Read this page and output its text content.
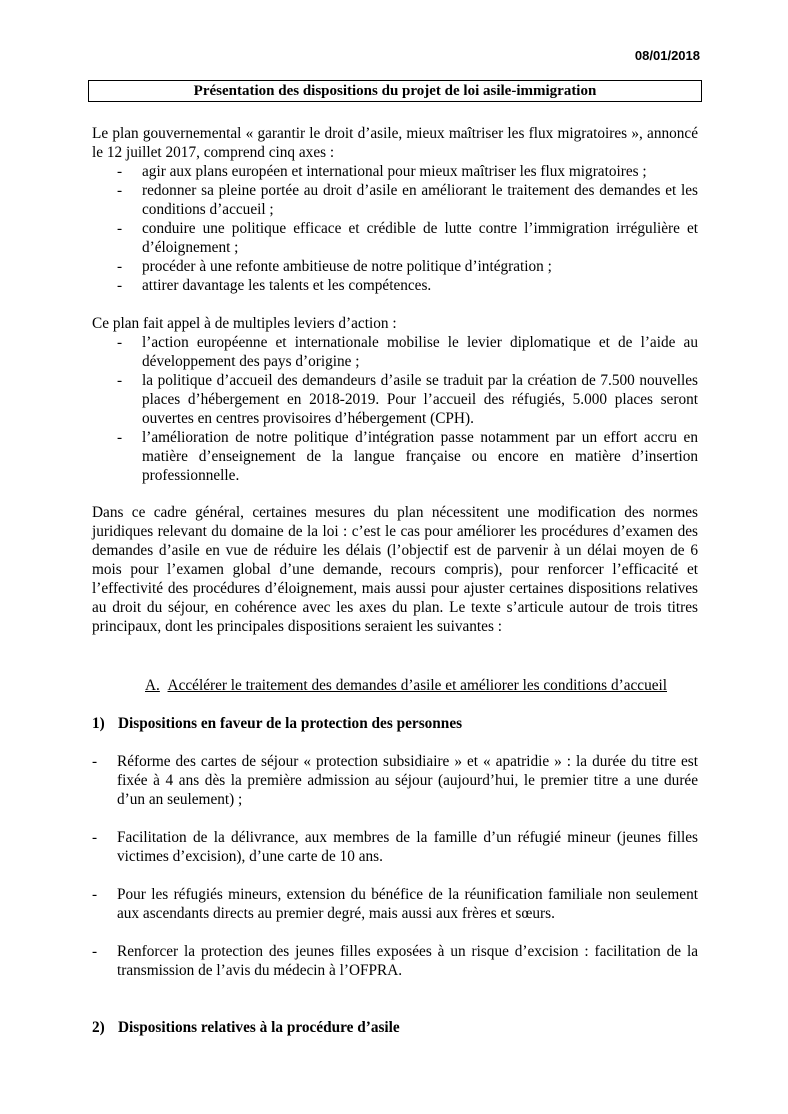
08/01/2018
Présentation des dispositions du projet de loi asile-immigration

Le plan gouvernemental « garantir le droit d’asile, mieux maîtriser les flux migratoires », annoncé le 12 juillet 2017, comprend cinq axes :

- agir aux plans européen et international pour mieux maîtriser les flux migratoires ;
- redonner sa pleine portée au droit d’asile en améliorant le traitement des demandes et les conditions d’accueil ;
- conduire une politique efficace et crédible de lutte contre l’immigration irrégulière et d’éloignement ;
- procéder à une refonte ambitieuse de notre politique d’intégration ;
- attirer davantage les talents et les compétences.

Ce plan fait appel à de multiples leviers d’action :

- l’action européenne et internationale mobilise le levier diplomatique et de l’aide au développement des pays d’origine ;
- la politique d’accueil des demandeurs d’asile se traduit par la création de 7.500 nouvelles places d’hébergement en 2018-2019. Pour l’accueil des réfugiés, 5.000 places seront ouvertes en centres provisoires d’hébergement (CPH).
- l’amélioration de notre politique d’intégration passe notamment par un effort accru en matière d’enseignement de la langue française ou encore en matière d’insertion professionnelle.

Dans ce cadre général, certaines mesures du plan nécessitent une modification des normes juridiques relevant du domaine de la loi : c’est le cas pour améliorer les procédures d’examen des demandes d’asile en vue de réduire les délais (l’objectif est de parvenir à un délai moyen de 6 mois pour l’examen global d’une demande, recours compris), pour renforcer l’efficacité et l’effectivité des procédures d’éloignement, mais aussi pour ajuster certaines dispositions relatives au droit du séjour, en cohérence avec les axes du plan. Le texte s’articule autour de trois titres principaux, dont les principales dispositions seraient les suivantes :

A. Accélérer le traitement des demandes d’asile et améliorer les conditions d’accueil
1) Dispositions en faveur de la protection des personnes
- Réforme des cartes de séjour « protection subsidiaire » et « apatridie » : la durée du titre est fixée à 4 ans dès la première admission au séjour (aujourd’hui, le premier titre a une durée d’un an seulement) ;

- Facilitation de la délivrance, aux membres de la famille d’un réfugié mineur (jeunes filles victimes d’excision), d’une carte de 10 ans.

- Pour les réfugiés mineurs, extension du bénéfice de la réunification familiale non seulement aux ascendants directs au premier degré, mais aussi aux frères et sœurs.

- Renforcer la protection des jeunes filles exposées à un risque d’excision : facilitation de la transmission de l’avis du médecin à l’OFPRA.

2) Dispositions relatives à la procédure d’asile
